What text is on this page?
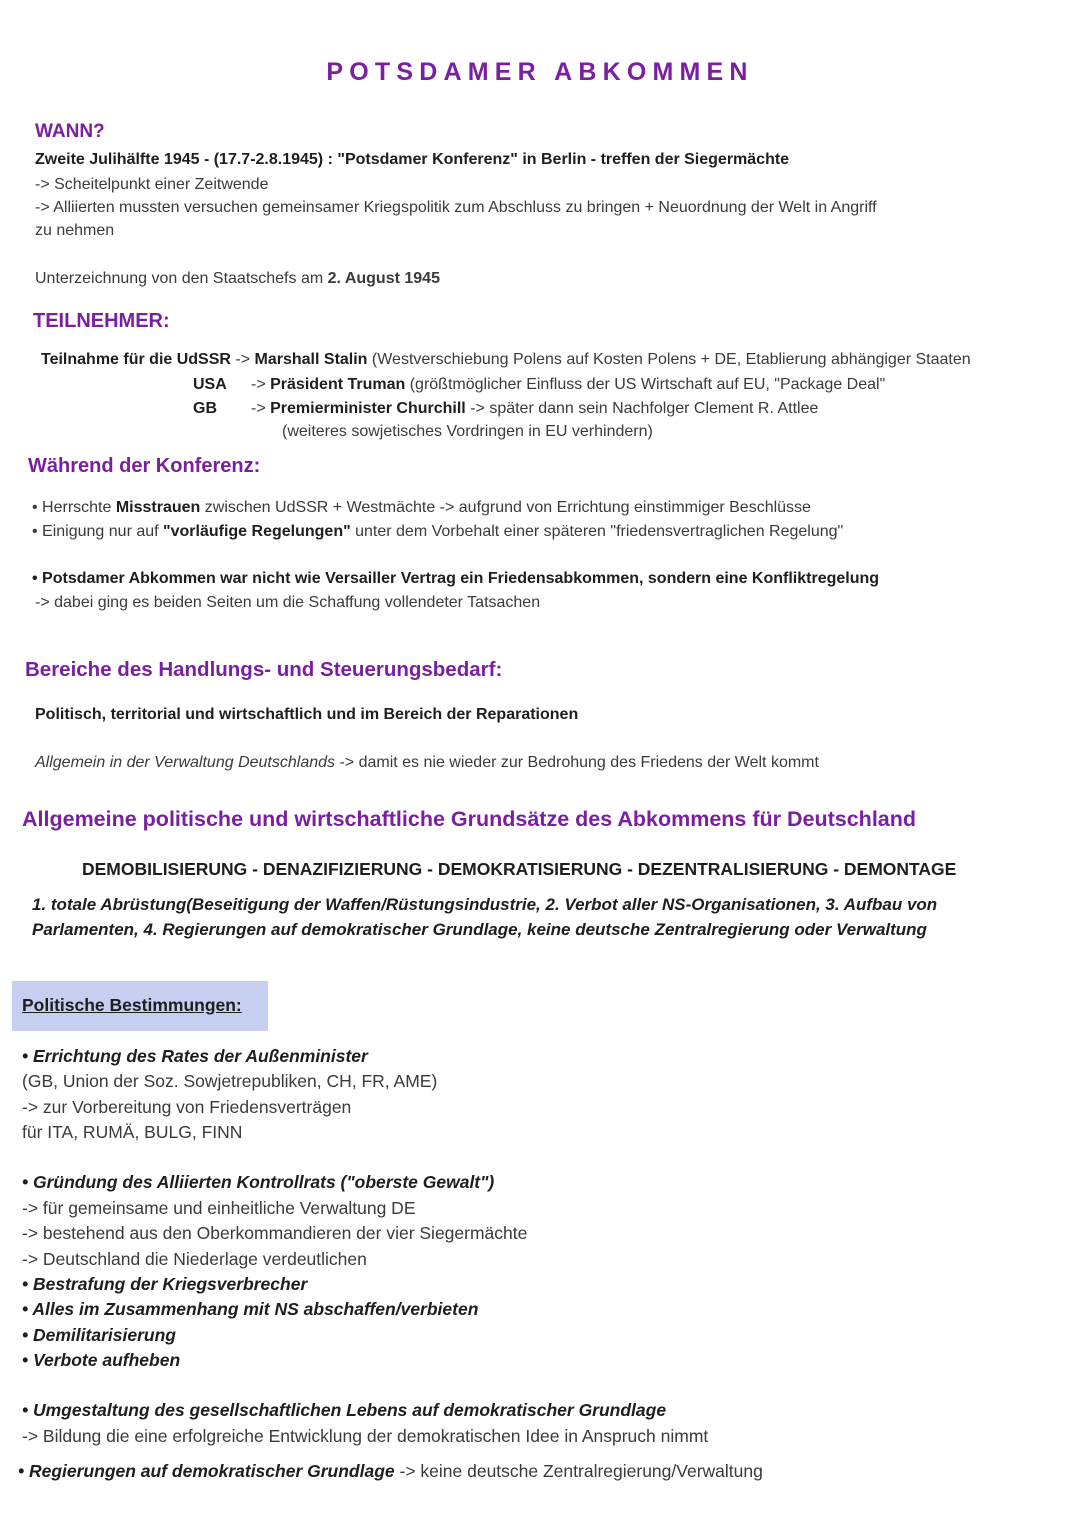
POTSDAMER ABKOMMEN
WANN?
Zweite Julihälfte 1945 - (17.7-2.8.1945) : "Potsdamer Konferenz" in Berlin - treffen der Siegermächte
-> Scheitelpunkt einer Zeitwende
-> Alliierten mussten versuchen gemeinsamer Kriegspolitik zum Abschluss zu bringen + Neuordnung der Welt in Angriff
zu nehmen
Unterzeichnung von den Staatschefs am 2. August 1945
TEILNEHMER:
Teilnahme für die UdSSR -> Marshall Stalin (Westverschiebung Polens auf Kosten Polens + DE, Etablierung abhängiger Staaten
USA -> Präsident Truman (größtmöglicher Einfluss der US Wirtschaft auf EU, "Package Deal"
GB -> Premierminister Churchill -> später dann sein Nachfolger Clement R. Attlee
(weiteres sowjetisches Vordringen in EU verhindern)
Während der Konferenz:
• Herrschte Misstrauen zwischen UdSSR + Westmächte -> aufgrund von Errichtung einstimmiger Beschlüsse
• Einigung nur auf "vorläufige Regelungen" unter dem Vorbehalt einer späteren "friedensvertraglichen Regelung"
• Potsdamer Abkommen war nicht wie Versailler Vertrag ein Friedensabkommen, sondern eine Konfliktregelung
-> dabei ging es beiden Seiten um die Schaffung vollendeter Tatsachen
Bereiche des Handlungs- und Steuerungsbedarf:
Politisch, territorial und wirtschaftlich und im Bereich der Reparationen
Allgemein in der Verwaltung Deutschlands -> damit es nie wieder zur Bedrohung des Friedens der Welt kommt
Allgemeine politische und wirtschaftliche Grundsätze des Abkommens für Deutschland
DEMOBILISIERUNG - DENAZIFIZIERUNG - DEMOKRATISIERUNG - DEZENTRALISIERUNG - DEMONTAGE
1. totale Abrüstung(Beseitigung der Waffen/Rüstungsindustrie, 2. Verbot aller NS-Organisationen, 3. Aufbau von
Parlamenten, 4. Regierungen auf demokratischer Grundlage, keine deutsche Zentralregierung oder Verwaltung
Politische Bestimmungen:
• Errichtung des Rates der Außenminister
(GB, Union der Soz. Sowjetrepubliken, CH, FR, AME)
-> zur Vorbereitung von Friedensverträgen
für ITA, RUMÄ, BULG, FINN
• Gründung des Alliierten Kontrollrats ("oberste Gewalt")
-> für gemeinsame und einheitliche Verwaltung DE
-> bestehend aus den Oberkommandieren der vier Siegermächte
-> Deutschland die Niederlage verdeutlichen
• Bestrafung der Kriegsverbrecher
• Alles im Zusammenhang mit NS abschaffen/verbieten
• Demilitarisierung
• Verbote aufheben
• Umgestaltung des gesellschaftlichen Lebens auf demokratischer Grundlage
-> Bildung die eine erfolgreiche Entwicklung der demokratischen Idee in Anspruch nimmt
• Regierungen auf demokratischer Grundlage -> keine deutsche Zentralregierung/Verwaltung
